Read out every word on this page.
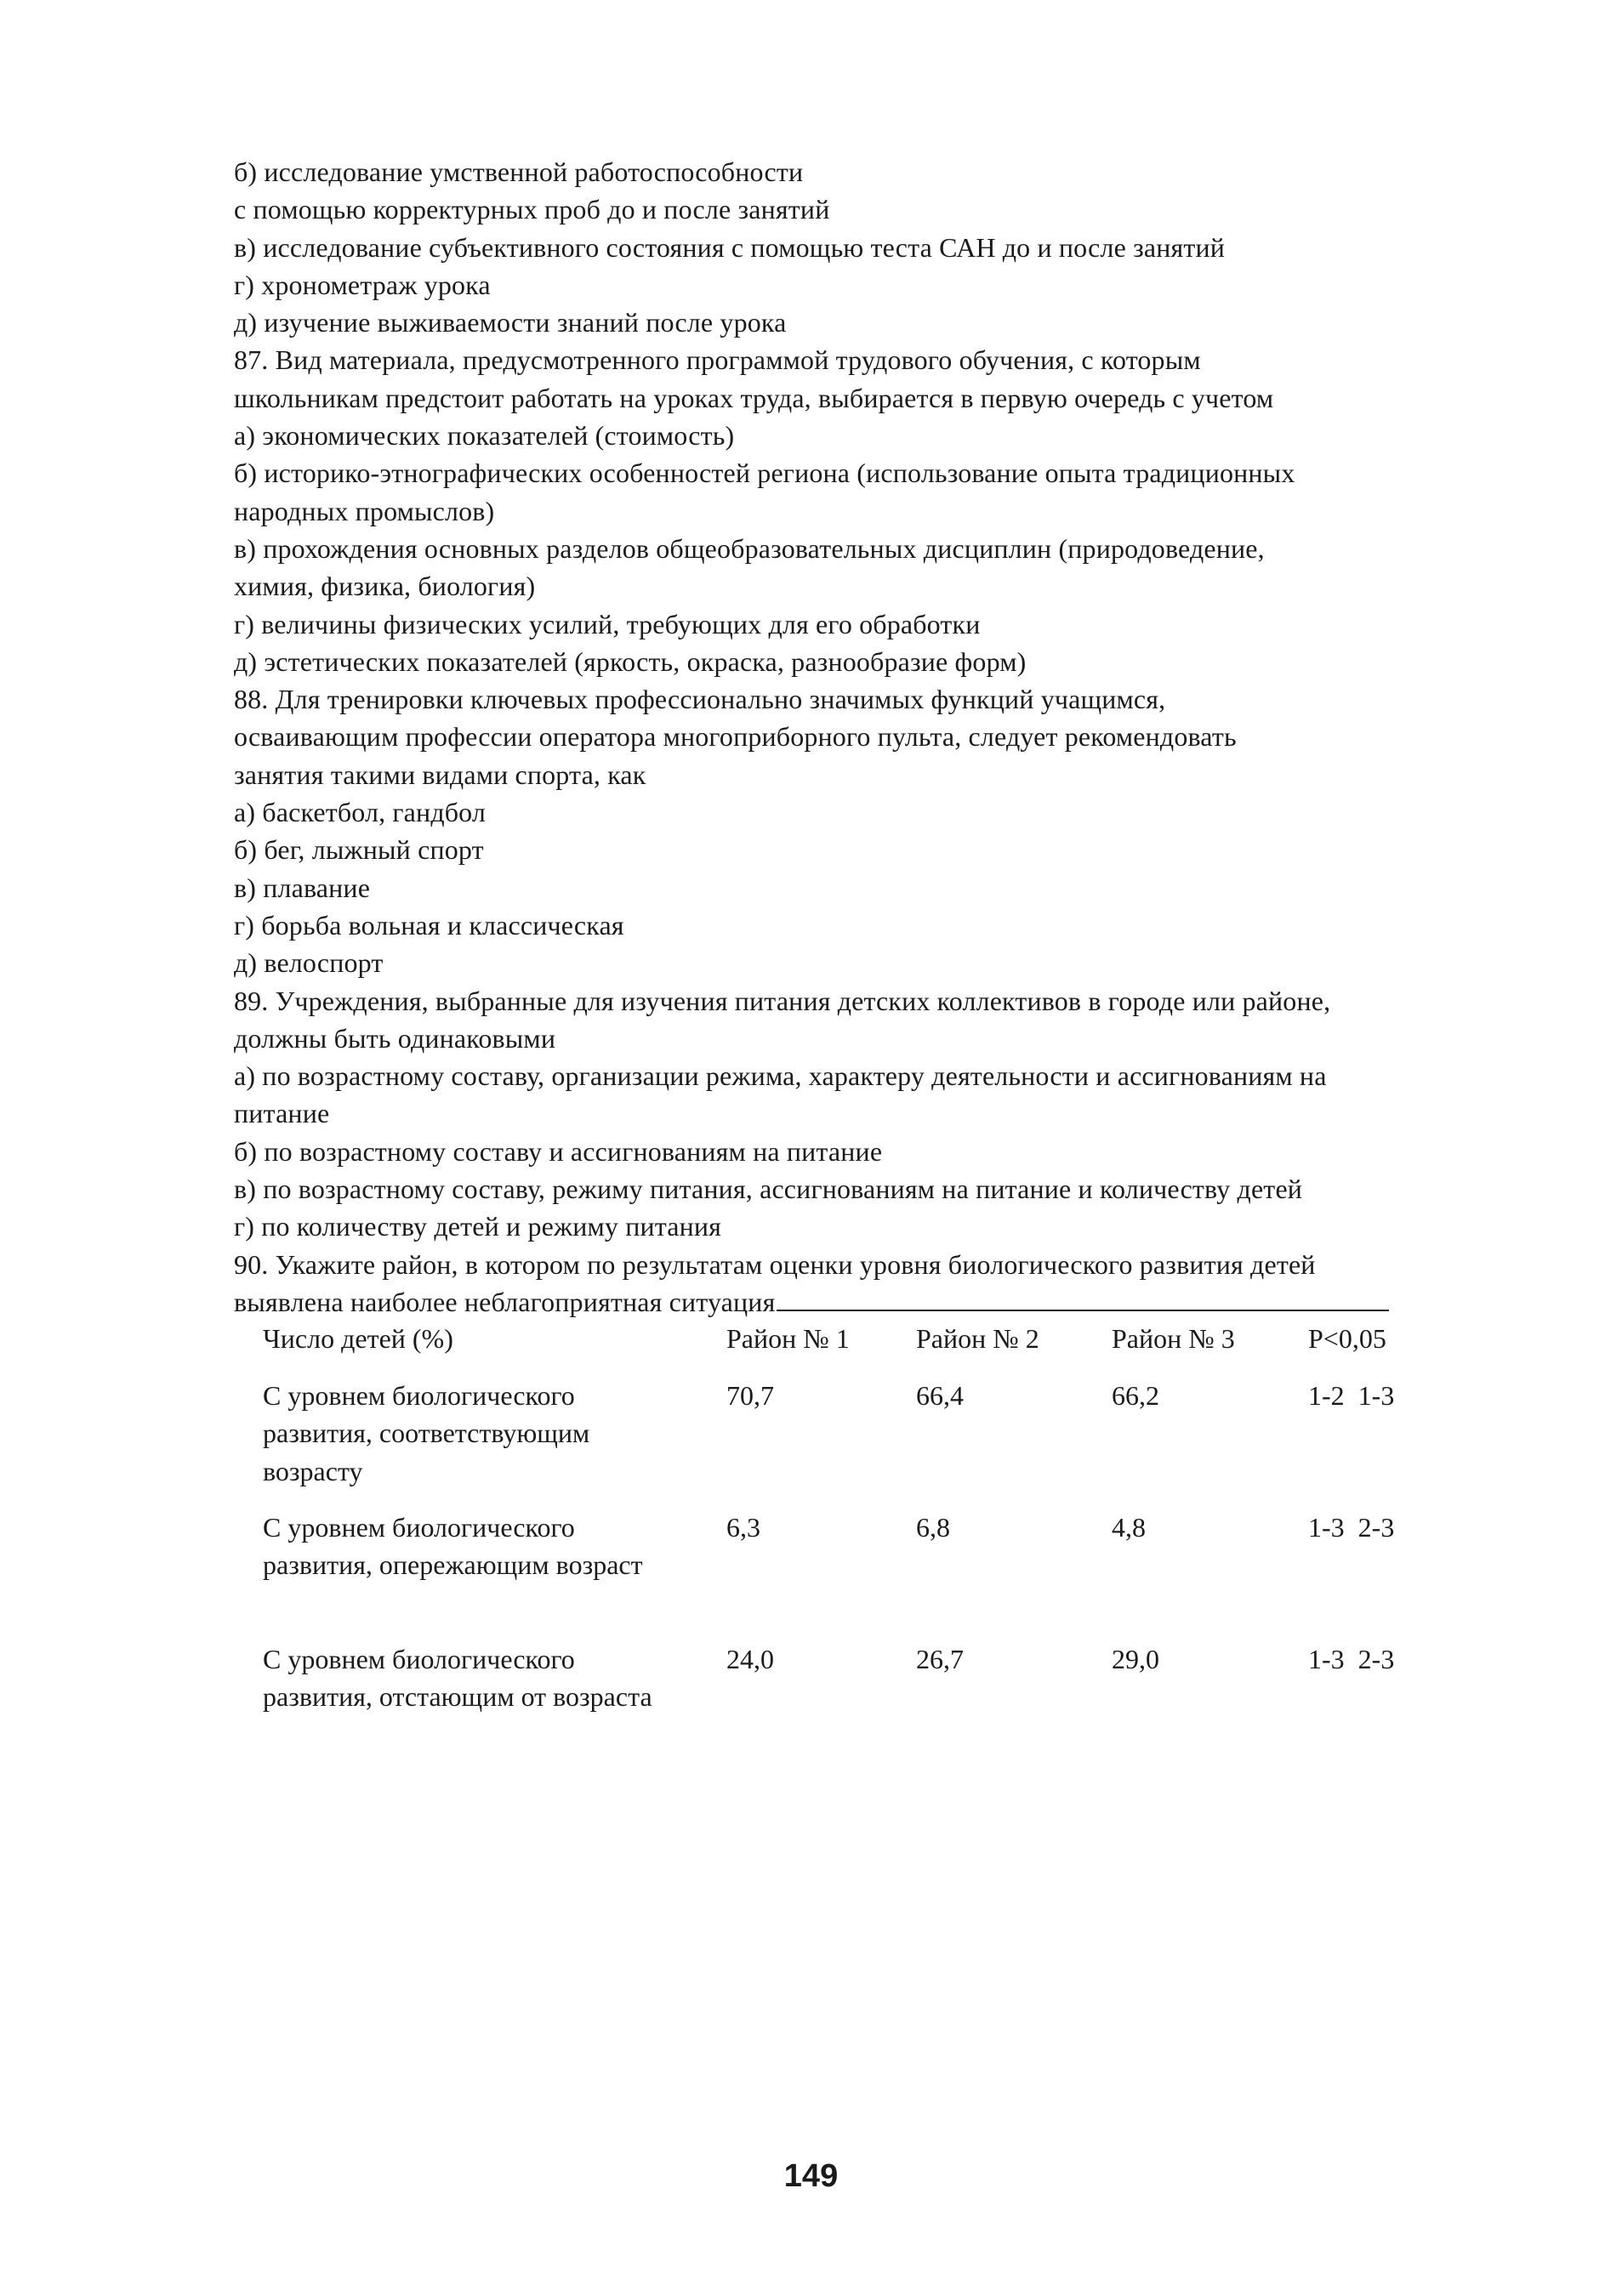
б) исследование умственной работоспособности
с помощью корректурных проб до и после занятий
в) исследование субъективного состояния с помощью теста САН до и после занятий
г) хронометраж урока
д) изучение выживаемости знаний после урока
87. Вид материала, предусмотренного программой трудового обучения, с которым
школьникам предстоит работать на уроках труда, выбирается в первую очередь с учетом
а) экономических показателей (стоимость)
б) историко-этнографических особенностей региона (использование опыта традиционных
народных промыслов)
в) прохождения основных разделов общеобразовательных дисциплин (природоведение,
химия, физика, биология)
г) величины физических усилий, требующих для его обработки
д) эстетических показателей (яркость, окраска, разнообразие форм)
88. Для тренировки ключевых профессионально значимых функций учащимся,
осваивающим профессии оператора многоприборного пульта, следует рекомендовать
занятия такими видами спорта, как
а) баскетбол, гандбол
б) бег, лыжный спорт
в) плавание
г) борьба вольная и классическая
д) велоспорт
89. Учреждения, выбранные для изучения питания детских коллективов в городе или районе,
должны быть одинаковыми
а) по возрастному составу, организации режима, характеру деятельности и ассигнованиям на
питание
б) по возрастному составу и ассигнованиям на питание
в) по возрастному составу, режиму питания, ассигнованиям на питание и количеству детей
г) по количеству детей и режиму питания
90. Укажите район, в котором по результатам оценки уровня биологического развития детей
выявлена наиболее неблагоприятная ситуация
Число детей (%)	Район № 1 Район № 2	Район № 3	P<0,05
С уровнем биологического развития, соответствующим возрасту
70,7	66,4	66,2	1-2  1-3
С уровнем биологического развития, опережающим возраст
6,3	6,8	4,8	1-3  2-3
С уровнем биологического развития, отстающим от возраста
24,0	26,7	29,0	1-3  2-3
149
